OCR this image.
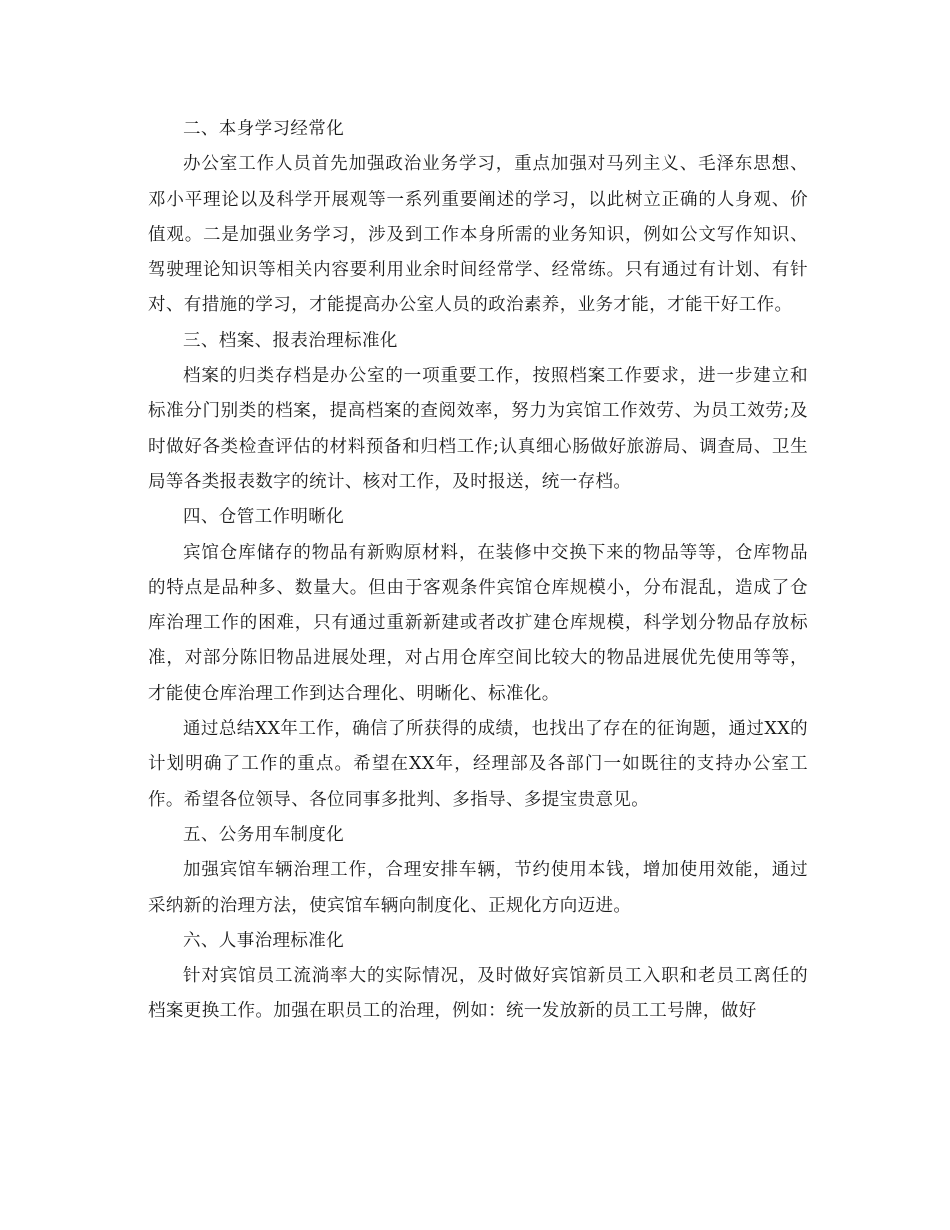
二、本身学习经常化

办公室工作人员首先加强政治业务学习，重点加强对马列主义、毛泽东思想、邓小平理论以及科学开展观等一系列重要阐述的学习，以此树立正确的人身观、价值观。二是加强业务学习，涉及到工作本身所需的业务知识，例如公文写作知识、驾驶理论知识等相关内容要利用业余时间经常学、经常练。只有通过有计划、有针对、有措施的学习，才能提高办公室人员的政治素养，业务才能，才能干好工作。

三、档案、报表治理标准化

档案的归类存档是办公室的一项重要工作，按照档案工作要求，进一步建立和标准分门别类的档案，提高档案的查阅效率，努力为宾馆工作效劳、为员工效劳;及时做好各类检查评估的材料预备和归档工作;认真细心肠做好旅游局、调查局、卫生局等各类报表数字的统计、核对工作，及时报送，统一存档。

四、仓管工作明晰化

宾馆仓库储存的物品有新购原材料，在装修中交换下来的物品等等，仓库物品的特点是品种多、数量大。但由于客观条件宾馆仓库规模小，分布混乱，造成了仓库治理工作的困难，只有通过重新新建或者改扩建仓库规模，科学划分物品存放标准，对部分陈旧物品进展处理，对占用仓库空间比较大的物品进展优先使用等等，才能使仓库治理工作到达合理化、明晰化、标准化。

通过总结XX年工作，确信了所获得的成绩，也找出了存在的征询题，通过XX的计划明确了工作的重点。希望在XX年，经理部及各部门一如既往的支持办公室工作。希望各位领导、各位同事多批判、多指导、多提宝贵意见。

五、公务用车制度化

加强宾馆车辆治理工作，合理安排车辆，节约使用本钱，增加使用效能，通过采纳新的治理方法，使宾馆车辆向制度化、正规化方向迈进。

六、人事治理标准化

针对宾馆员工流淌率大的实际情况，及时做好宾馆新员工入职和老员工离任的档案更换工作。加强在职员工的治理，例如：统一发放新的员工工号牌，做好
